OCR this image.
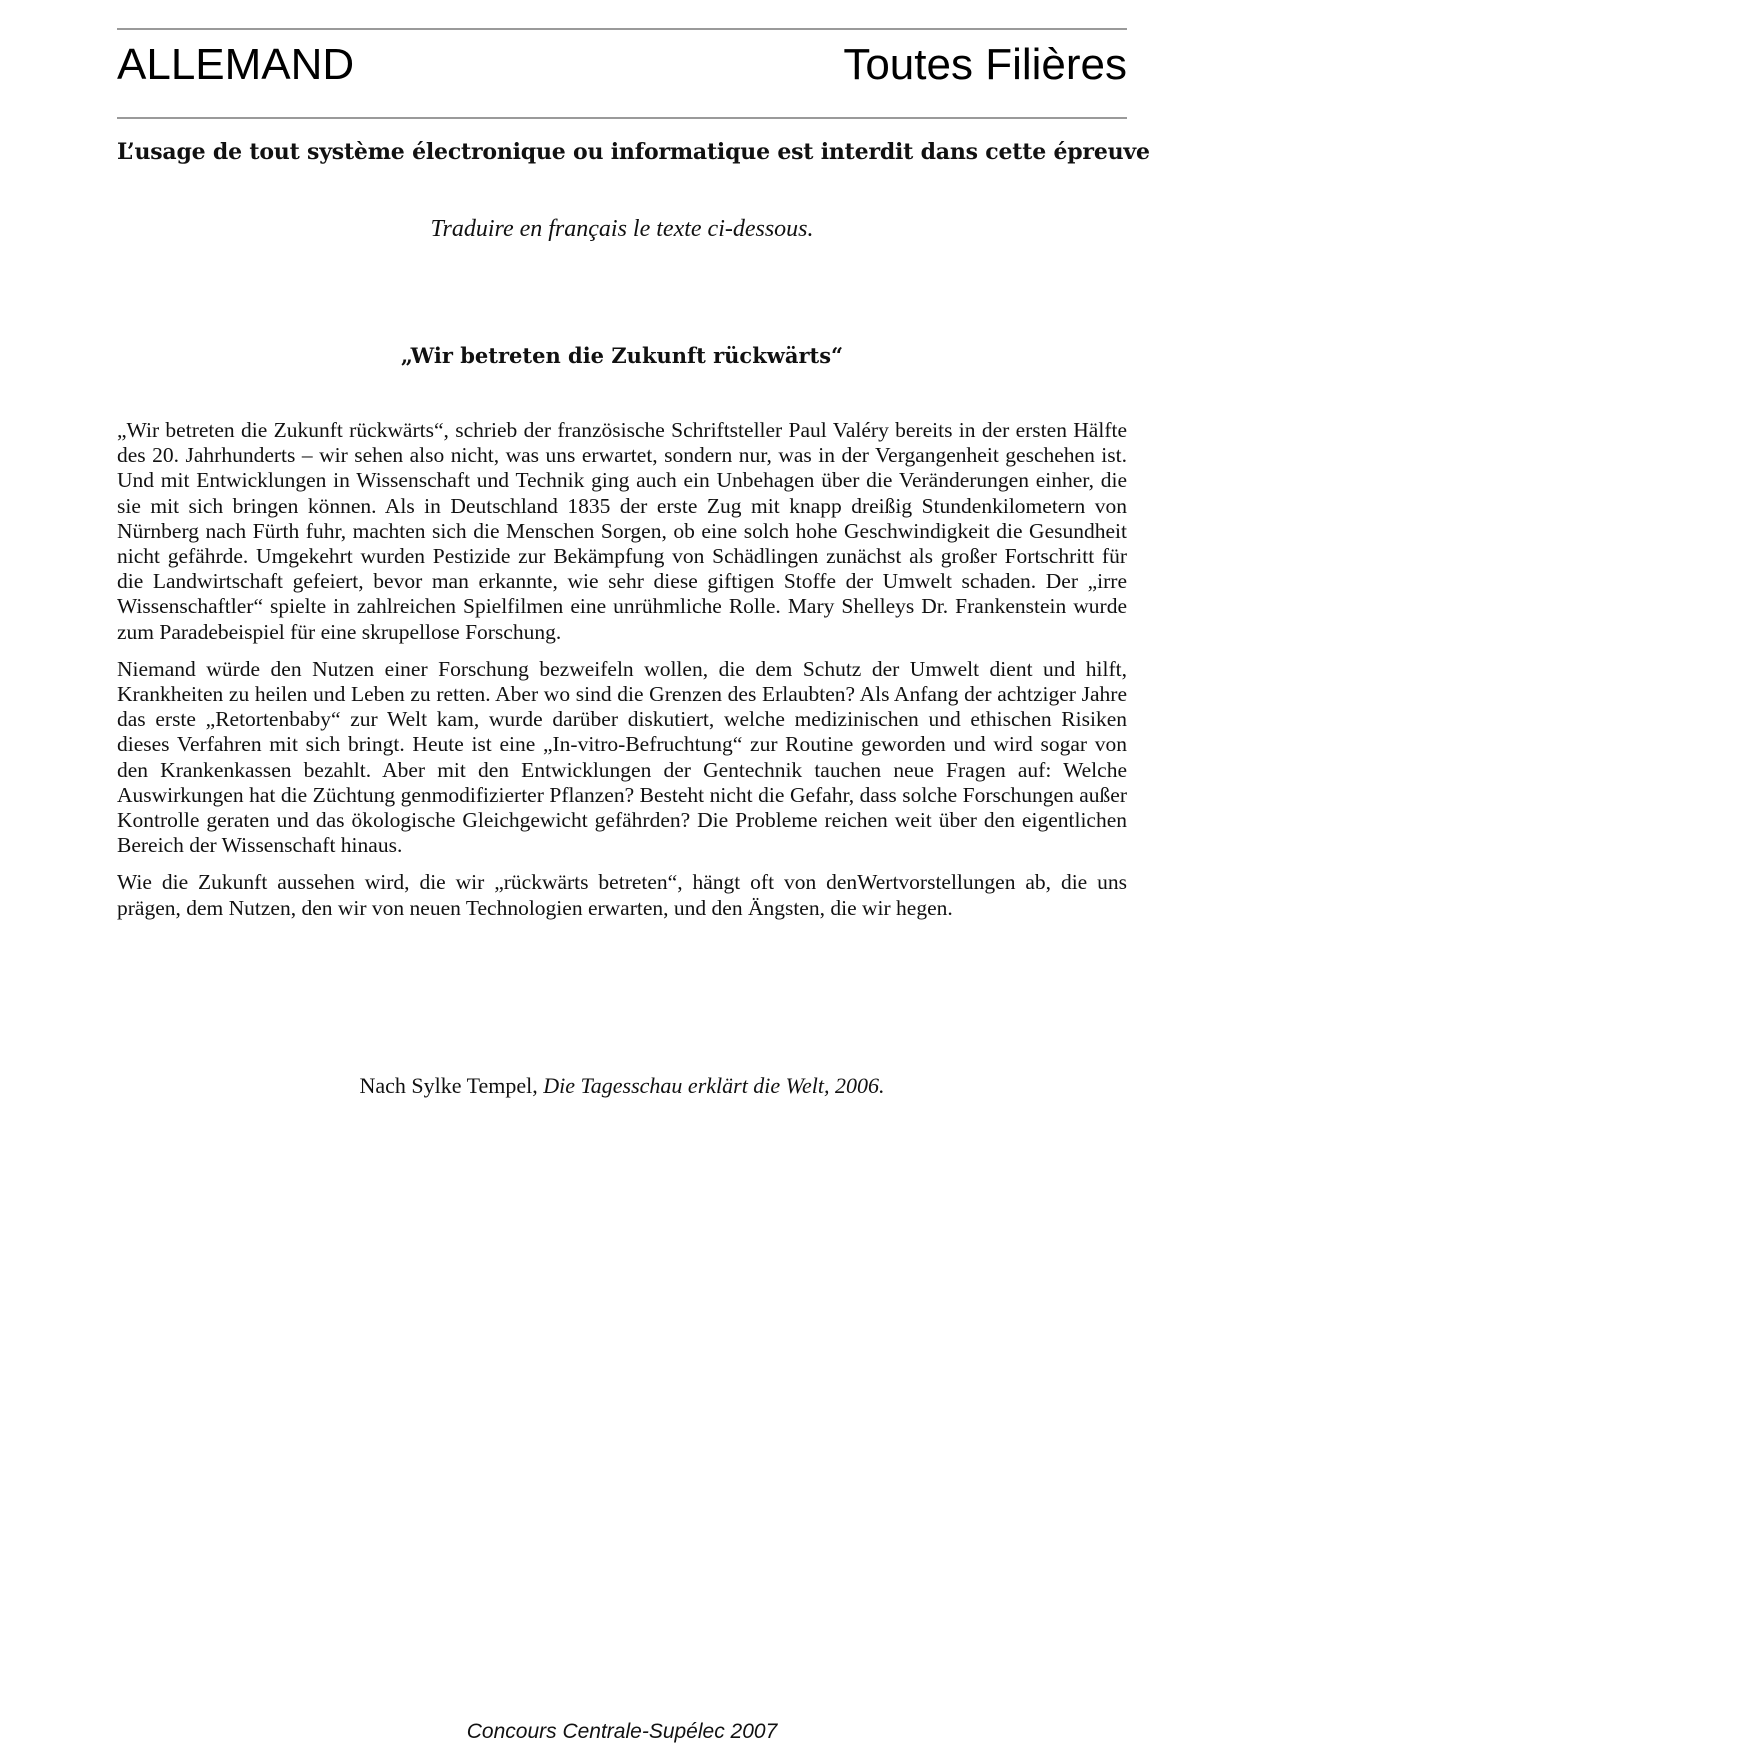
ALLEMAND	Toutes Filières
L’usage de tout système électronique ou informatique est interdit dans cette épreuve
Traduire en français le texte ci-dessous.
„Wir betreten die Zukunft rückwärts“

„Wir betreten die Zukunft rückwärts“, schrieb der französische Schriftsteller Paul Valéry bereits in der ersten Hälfte des 20. Jahrhunderts – wir sehen also nicht, was uns erwartet, sondern nur, was in der Vergangenheit geschehen ist. Und mit Entwicklungen in Wissenschaft und Technik ging auch ein Unbehagen über die Veränderungen einher, die sie mit sich bringen können. Als in Deutschland 1835 der erste Zug mit knapp dreißig Stundenkilometern von Nürnberg nach Fürth fuhr, machten sich die Menschen Sorgen, ob eine solch hohe Geschwindigkeit die Gesundheit nicht gefährde. Umgekehrt wurden Pestizide zur Bekämpfung von Schädlingen zunächst als großer Fortschritt für die Landwirtschaft gefeiert, bevor man erkannte, wie sehr diese giftigen Stoffe der Umwelt schaden. Der „irre Wissenschaftler“ spielte in zahlreichen Spielfilmen eine unrühmliche Rolle. Mary Shelleys Dr. Frankenstein wurde zum Paradebeispiel für eine skrupellose Forschung.

Niemand würde den Nutzen einer Forschung bezweifeln wollen, die dem Schutz der Umwelt dient und hilft, Krankheiten zu heilen und Leben zu retten. Aber wo sind die Grenzen des Erlaubten? Als Anfang der achtziger Jahre das erste „Retortenbaby“ zur Welt kam, wurde darüber diskutiert, welche medizinischen und ethischen Risiken dieses Verfahren mit sich bringt. Heute ist eine „In-vitro-Befruchtung“ zur Routine geworden und wird sogar von den Krankenkassen bezahlt. Aber mit den Entwicklungen der Gentechnik tauchen neue Fragen auf: Welche Auswirkungen hat die Züchtung genmodifizierter Pflanzen? Besteht nicht die Gefahr, dass solche Forschungen außer Kontrolle geraten und das ökologische Gleichgewicht gefährden? Die Probleme reichen weit über den eigentlichen Bereich der Wissenschaft hinaus.

Wie die Zukunft aussehen wird, die wir „rückwärts betreten“, hängt oft von denWertvorstellungen ab, die uns prägen, dem Nutzen, den wir von neuen Technologien erwarten, und den Ängsten, die wir hegen.

Nach Sylke Tempel, Die Tagesschau erklärt die Welt, 2006.
Concours Centrale-Supélec 2007
